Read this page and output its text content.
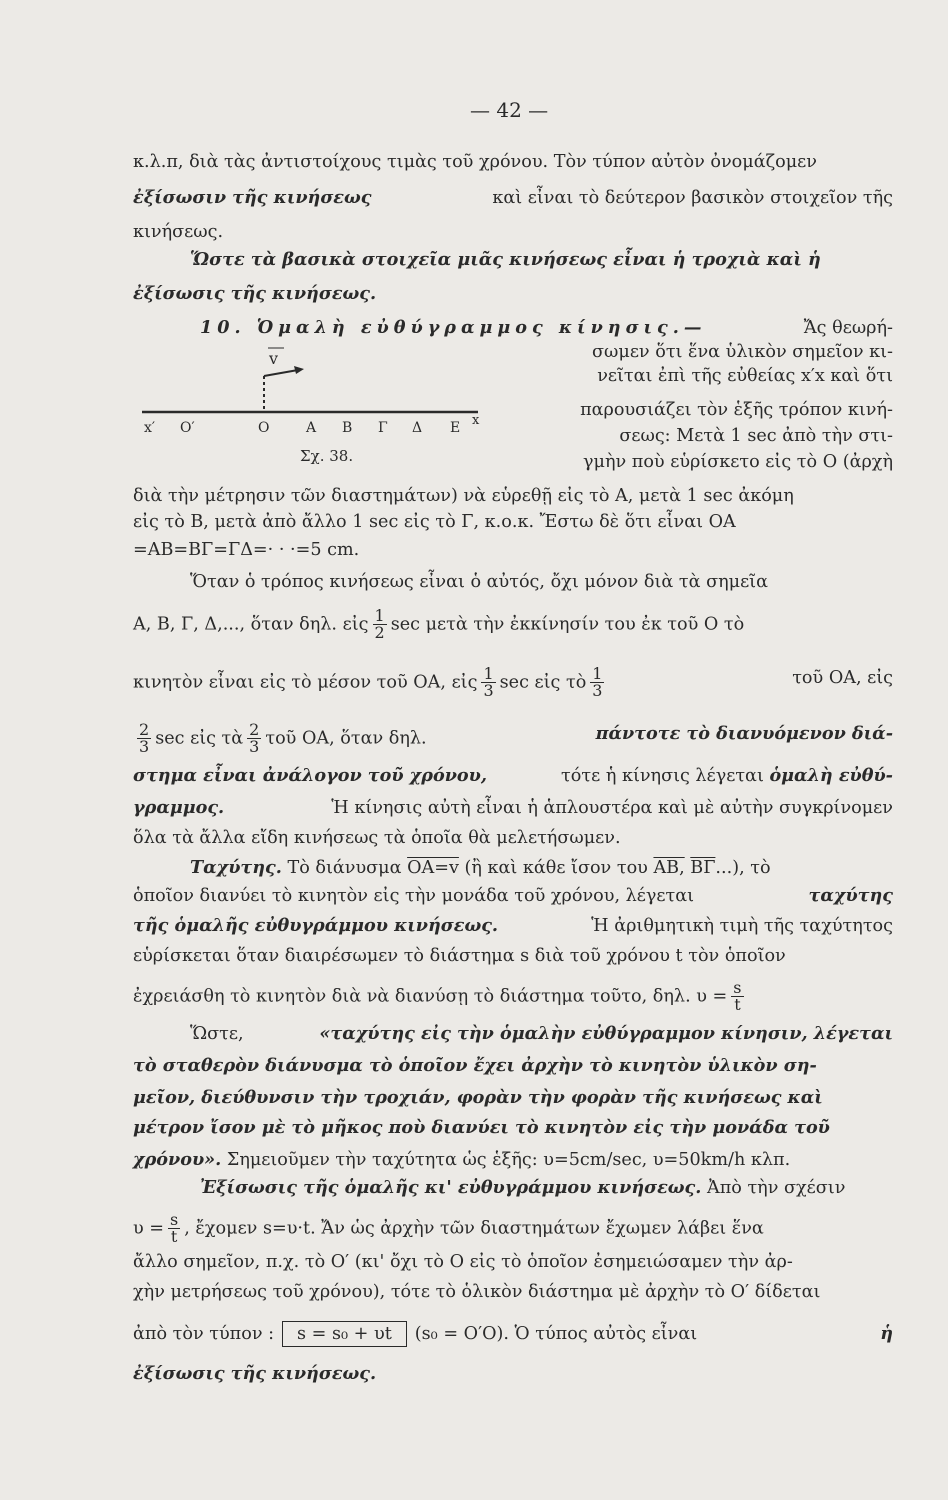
— 42 —
v
x′ Ο′	Ο	Α Β Γ Δ Ε x
Σχ. 38.
κ.λ.π, διὰ τὰς ἀντιστοίχους τιμὰς τοῦ χρόνου. Τὸν τύπον αὐτὸν ὀνομάζομεν
ἐξίσωσιν τῆς κινήσεως	καὶ εἶναι τὸ δεύτερον βασικὸν στοιχεῖον τῆς
κινήσεως.
Ὥστε τὰ βασικὰ στοιχεῖα μιᾶς κινήσεως εἶναι ἡ τροχιὰ καὶ ἡ
ἐξίσωσις τῆς κινήσεως.
10. Ὁμαλὴ εὐθύγραμμος κίνησις.—	Ἄς θεωρή-
σωμεν ὅτι ἕνα ὑλικὸν σημεῖον κι-
νεῖται ἐπὶ τῆς εὐθείας x′x καὶ ὅτι
παρουσιάζει τὸν ἑξῆς τρόπον κινή-
σεως: Μετὰ 1 sec ἀπὸ τὴν στι-
γμὴν ποὺ εὑρίσκετο εἰς τὸ Ο (ἀρχὴ
διὰ τὴν μέτρησιν τῶν διαστημάτων) νὰ εὑρεθῇ εἰς τὸ Α, μετὰ 1 sec ἀκόμη
εἰς τὸ Β, μετὰ ἀπὸ ἄλλο 1 sec εἰς τὸ Γ, κ.ο.κ. Ἔστω δὲ ὅτι εἶναι ΟΑ
=ΑΒ=ΒΓ=ΓΔ=· · ·=5 cm.
Ὅταν ὁ τρόπος κινήσεως εἶναι ὁ αὐτός, ὄχι μόνον διὰ τὰ σημεῖα
Α, Β, Γ, Δ,..., ὅταν δηλ. εἰς $\frac{1}{2}$ sec μετὰ τὴν ἐκκίνησίν του ἐκ τοῦ Ο τὸ
κινητὸν εἶναι εἰς τὸ μέσον τοῦ ΟΑ, εἰς $\frac{1}{3}$ sec εἰς τὸ $\frac{1}{3}$	τοῦ ΟΑ, εἰς
$\frac{2}{3}$ sec εἰς τὰ $\frac{2}{3}$ τοῦ ΟΑ, ὅταν δηλ.	πάντοτε τὸ διανυόμενον διά-
στημα εἶναι ἀνάλογον τοῦ χρόνου,	τότε ἡ κίνησις λέγεται ὁμαλὴ εὐθύ-
γραμμος.	Ἡ κίνησις αὐτὴ εἶναι ἡ ἁπλουστέρα καὶ μὲ αὐτὴν συγκρίνομεν
ὅλα τὰ ἄλλα εἴδη κινήσεως τὰ ὁποῖα θὰ μελετήσωμεν.
Ταχύτης. Τὸ διάνυσμα ΟΑ=v (ἢ καὶ κάθε ἴσον του ΑΒ, $\overline{B\Gamma}$...), τὸ
ὁποῖον διανύει τὸ κινητὸν εἰς τὴν μονάδα τοῦ χρόνου, λέγεται	ταχύτης
τῆς ὁμαλῆς εὐθυγράμμου κινήσεως.	Ἡ ἀριθμητικὴ τιμὴ τῆς ταχύτητος
εὑρίσκεται ὅταν διαιρέσωμεν τὸ διάστημα s διὰ τοῦ χρόνου t τὸν ὁποῖον
ἐχρειάσθη τὸ κινητὸν διὰ νὰ διανύσῃ τὸ διάστημα τοῦτο, δηλ. $\upsilon = \frac{s}{t}$
Ὥστε,	«ταχύτης εἰς τὴν ὁμαλὴν εὐθύγραμμον κίνησιν, λέγεται
τὸ σταθερὸν διάνυσμα τὸ ὁποῖον ἔχει ἀρχὴν τὸ κινητὸν ὑλικὸν ση-
μεῖον, διεύθυνσιν τὴν τροχιάν, φορὰν τὴν φορὰν τῆς κινήσεως καὶ
μέτρον ἴσον μὲ τὸ μῆκος ποὺ διανύει τὸ κινητὸν εἰς τὴν μονάδα τοῦ
χρόνου». Σημειοῦμεν τὴν ταχύτητα ὡς ἑξῆς: υ=5cm/sec, υ=50km/h κλπ.
Ἐξίσωσις τῆς ὁμαλῆς κι' εὐθυγράμμου κινήσεως. Ἀπὸ τὴν σχέσιν
$\upsilon = \frac{s}{t}$ , ἔχομεν s=υ·t. Ἄν ὡς ἀρχὴν τῶν διαστημάτων ἔχωμεν λάβει ἕνα
ἄλλο σημεῖον, π.χ. τὸ Ο′ (κι' ὄχι τὸ Ο εἰς τὸ ὁποῖον ἐσημειώσαμεν τὴν ἀρ-
χὴν μετρήσεως τοῦ χρόνου), τότε τὸ ὁλικὸν διάστημα μὲ ἀρχὴν τὸ Ο′ δίδεται
ἀπὸ τὸν τύπον : s = s₀ + υt (s₀ = Ο′Ο). Ὁ τύπος αὐτὸς εἶναι	ἡ
ἐξίσωσις τῆς κινήσεως.
